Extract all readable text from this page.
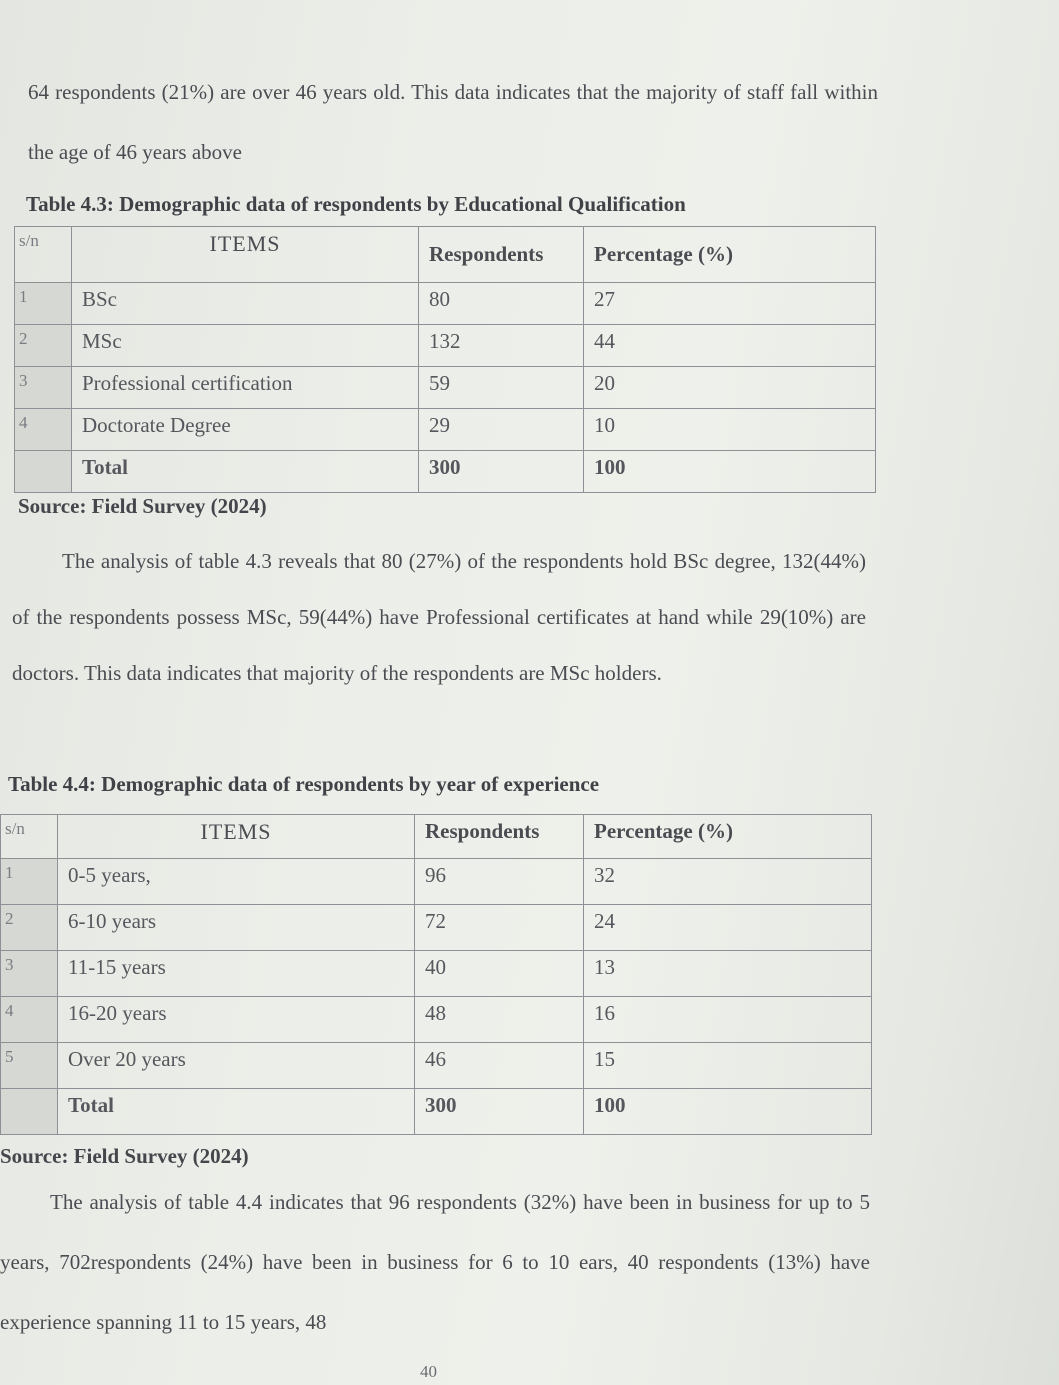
64 respondents (21%) are over 46 years old. This data indicates that the majority of staff fall within the age of 46 years above

Table 4.3: Demographic data of respondents by Educational Qualification

s/n	ITEMS	Respondents	Percentage (%)
1	BSc	80	27
2	MSc	132	44
3	Professional certification	59	20
4	Doctorate Degree	29	10
	Total	300	100

Source: Field Survey (2024)

The analysis of table 4.3 reveals that 80 (27%) of the respondents hold BSc degree, 132(44%) of the respondents possess MSc, 59(44%) have Professional certificates at hand while 29(10%) are doctors. This data indicates that majority of the respondents are MSc holders.

Table 4.4: Demographic data of respondents by year of experience

s/n	ITEMS	Respondents	Percentage (%)
1	0-5 years,	96	32
2	6-10 years	72	24
3	11-15 years	40	13
4	16-20 years	48	16
5	Over 20 years	46	15
	Total	300	100

Source: Field Survey (2024)

The analysis of table 4.4 indicates that 96 respondents (32%) have been in business for up to 5 years, 702respondents (24%) have been in business for 6 to 10 ears, 40 respondents (13%) have experience spanning 11 to 15 years, 48

40
